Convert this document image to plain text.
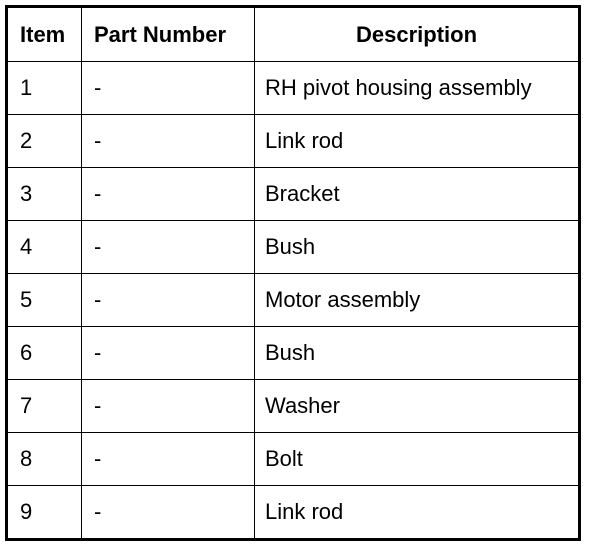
Item	Part Number	Description
1	-	RH pivot housing assembly
2	-	Link rod
3	-	Bracket
4	-	Bush
5	-	Motor assembly
6	-	Bush
7	-	Washer
8	-	Bolt
9	-	Link rod
